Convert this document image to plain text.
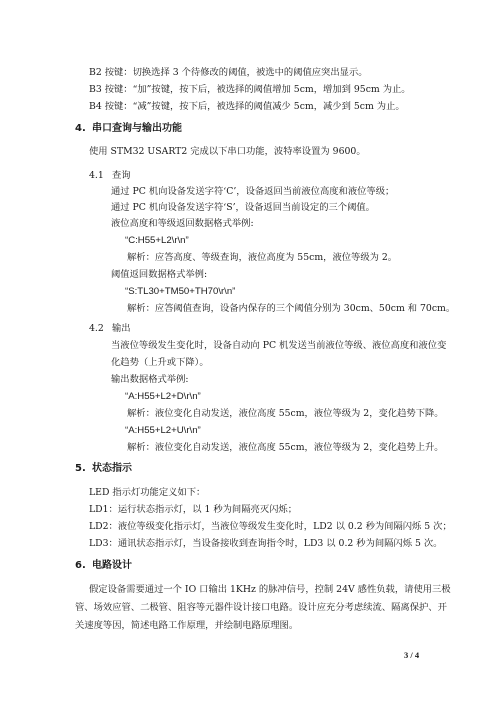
B2 按键：切换选择 3 个待修改的阈值，被选中的阈值应突出显示。
B3 按键：“加”按键，按下后，被选择的阈值增加 5cm，增加到 95cm 为止。
B4 按键：“减”按键，按下后，被选择的阈值减少 5cm，减少到 5cm 为止。
4. 串口查询与输出功能
使用 STM32 USART2 完成以下串口功能，波特率设置为 9600。
4.1 查询
通过 PC 机向设备发送字符‘C’，设备返回当前液位高度和液位等级；
通过 PC 机向设备发送字符‘S’，设备返回当前设定的三个阈值。
液位高度和等级返回数据格式举例:
“C:H55+L2\r\n”
解析：应答高度、等级查询，液位高度为 55cm，液位等级为 2。
阈值返回数据格式举例:
“S:TL30+TM50+TH70\r\n”
解析：应答阈值查询，设备内保存的三个阈值分别为 30cm、50cm 和 70cm。
4.2 输出
当液位等级发生变化时，设备自动向 PC 机发送当前液位等级、液位高度和液位变
化趋势（上升或下降）。
输出数据格式举例:
“A:H55+L2+D\r\n”
解析：液位变化自动发送，液位高度 55cm，液位等级为 2，变化趋势下降。
“A:H55+L2+U\r\n”
解析：液位变化自动发送，液位高度 55cm，液位等级为 2，变化趋势上升。
5. 状态指示
LED 指示灯功能定义如下：
LD1：运行状态指示灯，以 1 秒为间隔亮灭闪烁；
LD2：液位等级变化指示灯，当液位等级发生变化时，LD2 以 0.2 秒为间隔闪烁 5 次；
LD3：通讯状态指示灯，当设备接收到查询指令时，LD3 以 0.2 秒为间隔闪烁 5 次。
6. 电路设计
假定设备需要通过一个 IO 口输出 1KHz 的脉冲信号，控制 24V 感性负载，请使用三极
管、场效应管、二极管、阻容等元器件设计接口电路。设计应充分考虑续流、隔离保护、开
关速度等因，简述电路工作原理，并绘制电路原理图。
3 / 4
